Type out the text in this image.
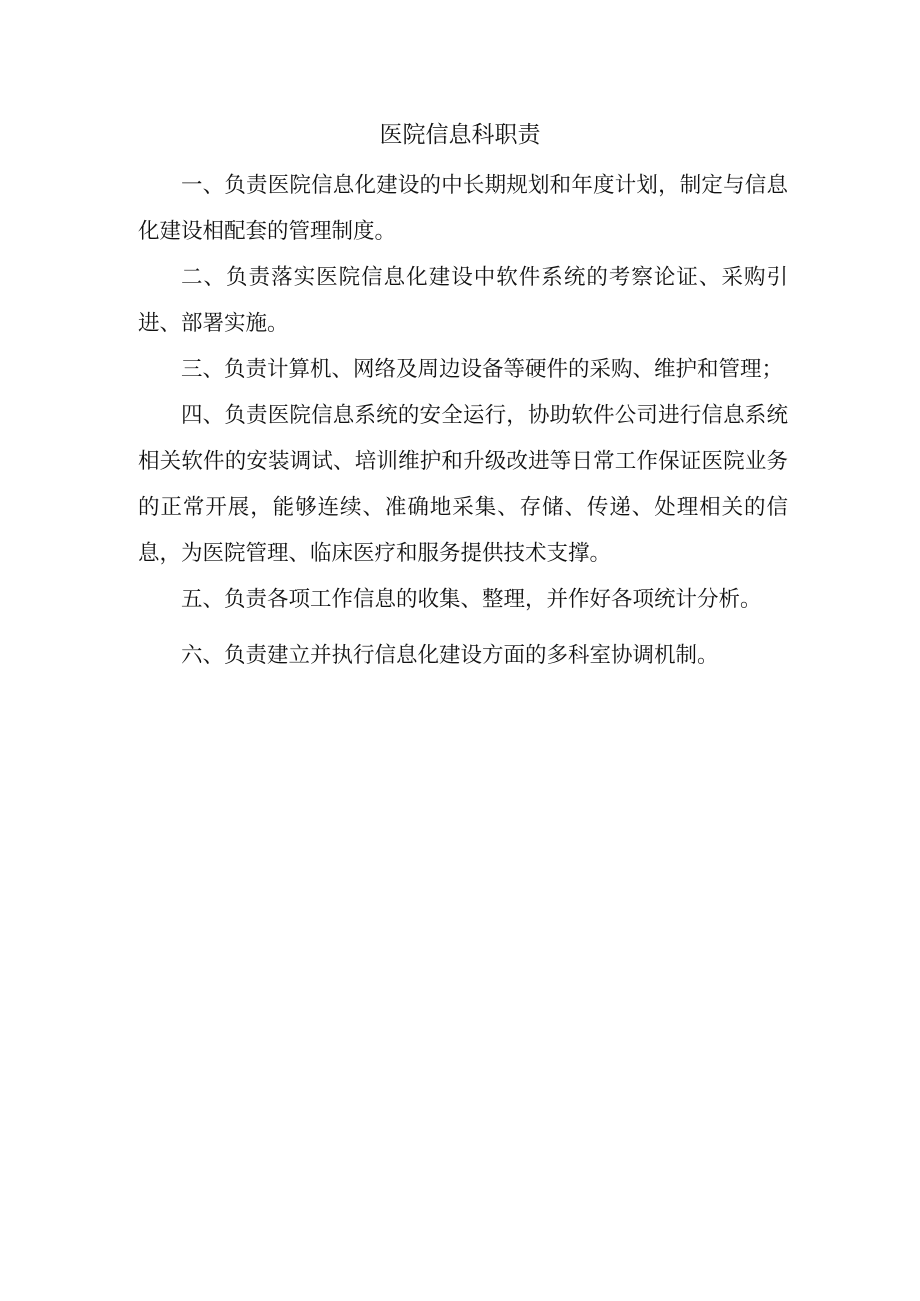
医院信息科职责

一、负责医院信息化建设的中长期规划和年度计划，制定与信息化建设相配套的管理制度。

二、负责落实医院信息化建设中软件系统的考察论证、采购引进、部署实施。

三、负责计算机、网络及周边设备等硬件的采购、维护和管理；

四、负责医院信息系统的安全运行，协助软件公司进行信息系统相关软件的安装调试、培训维护和升级改进等日常工作保证医院业务的正常开展，能够连续、准确地采集、存储、传递、处理相关的信息，为医院管理、临床医疗和服务提供技术支撑。

五、负责各项工作信息的收集、整理，并作好各项统计分析。

六、负责建立并执行信息化建设方面的多科室协调机制。
